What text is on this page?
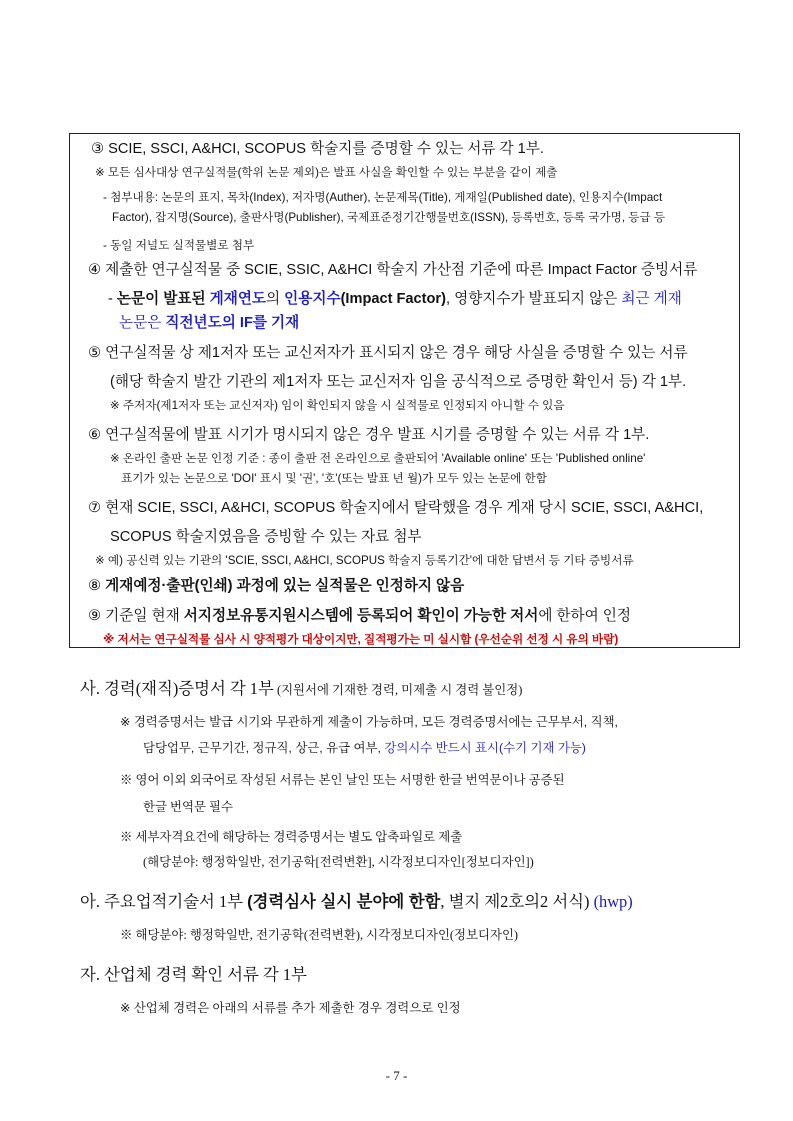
③ SCIE, SSCI, A&HCI, SCOPUS 학술지를 증명할 수 있는 서류 각 1부.
※ 모든 심사대상 연구실적물(학위 논문 제외)은 발표 사실을 확인할 수 있는 부분을 같이 제출
- 첨부내용: 논문의 표지, 목차(Index), 저자명(Auther), 논문제목(Title), 게재일(Published date), 인용지수(Impact
Factor), 잡지명(Source), 출판사명(Publisher), 국제표준정기간행물번호(ISSN), 등록번호, 등록 국가명, 등급 등
- 동일 저널도 실적물별로 첨부
④ 제출한 연구실적물 중 SCIE, SSIC, A&HCI 학술지 가산점 기준에 따른 Impact Factor 증빙서류
- 논문이 발표된 게재연도의 인용지수(Impact Factor), 영향지수가 발표되지 않은 최근 게재
논문은 직전년도의 IF를 기재
⑤ 연구실적물 상 제1저자 또는 교신저자가 표시되지 않은 경우 해당 사실을 증명할 수 있는 서류
(해당 학술지 발간 기관의 제1저자 또는 교신저자 임을 공식적으로 증명한 확인서 등) 각 1부.
※ 주저자(제1저자 또는 교신저자) 임이 확인되지 않을 시 실적물로 인정되지 아니할 수 있음
⑥ 연구실적물에 발표 시기가 명시되지 않은 경우 발표 시기를 증명할 수 있는 서류 각 1부.
※ 온라인 출판 논문 인정 기준 : 종이 출판 전 온라인으로 출판되어 'Available online' 또는 'Published online'
표기가 있는 논문으로 'DOI' 표시 및 '권', '호'(또는 발표 년 월)가 모두 있는 논문에 한함
⑦ 현재 SCIE, SSCI, A&HCI, SCOPUS 학술지에서 탈락했을 경우 게재 당시 SCIE, SSCI, A&HCI,
SCOPUS 학술지였음을 증빙할 수 있는 자료 첨부
※ 예) 공신력 있는 기관의 'SCIE, SSCI, A&HCI, SCOPUS 학술지 등록기간'에 대한 답변서 등 기타 증빙서류
⑧ 게재예정·출판(인쇄) 과정에 있는 실적물은 인정하지 않음
⑨ 기준일 현재 서지정보유통지원시스템에 등록되어 확인이 가능한 저서에 한하여 인정
※ 저서는 연구실적물 심사 시 양적평가 대상이지만, 질적평가는 미 실시함 (우선순위 선정 시 유의 바람)
사. 경력(재직)증명서 각 1부 (지원서에 기재한 경력, 미제출 시 경력 불인정)
※ 경력증명서는 발급 시기와 무관하게 제출이 가능하며, 모든 경력증명서에는 근무부서, 직책,
담당업무, 근무기간, 정규직, 상근, 유급 여부, 강의시수 반드시 표시(수기 기재 가능)
※ 영어 이외 외국어로 작성된 서류는 본인 날인 또는 서명한 한글 번역문이나 공증된
한글 번역문 필수
※ 세부자격요건에 해당하는 경력증명서는 별도 압축파일로 제출
(해당분야: 행정학일반, 전기공학[전력변환], 시각정보디자인[정보디자인])
아. 주요업적기술서 1부 (경력심사 실시 분야에 한함, 별지 제2호의2 서식) (hwp)
※ 해당분야: 행정학일반, 전기공학(전력변환), 시각정보디자인(정보디자인)
자. 산업체 경력 확인 서류 각 1부
※ 산업체 경력은 아래의 서류를 추가 제출한 경우 경력으로 인정
- 7 -
